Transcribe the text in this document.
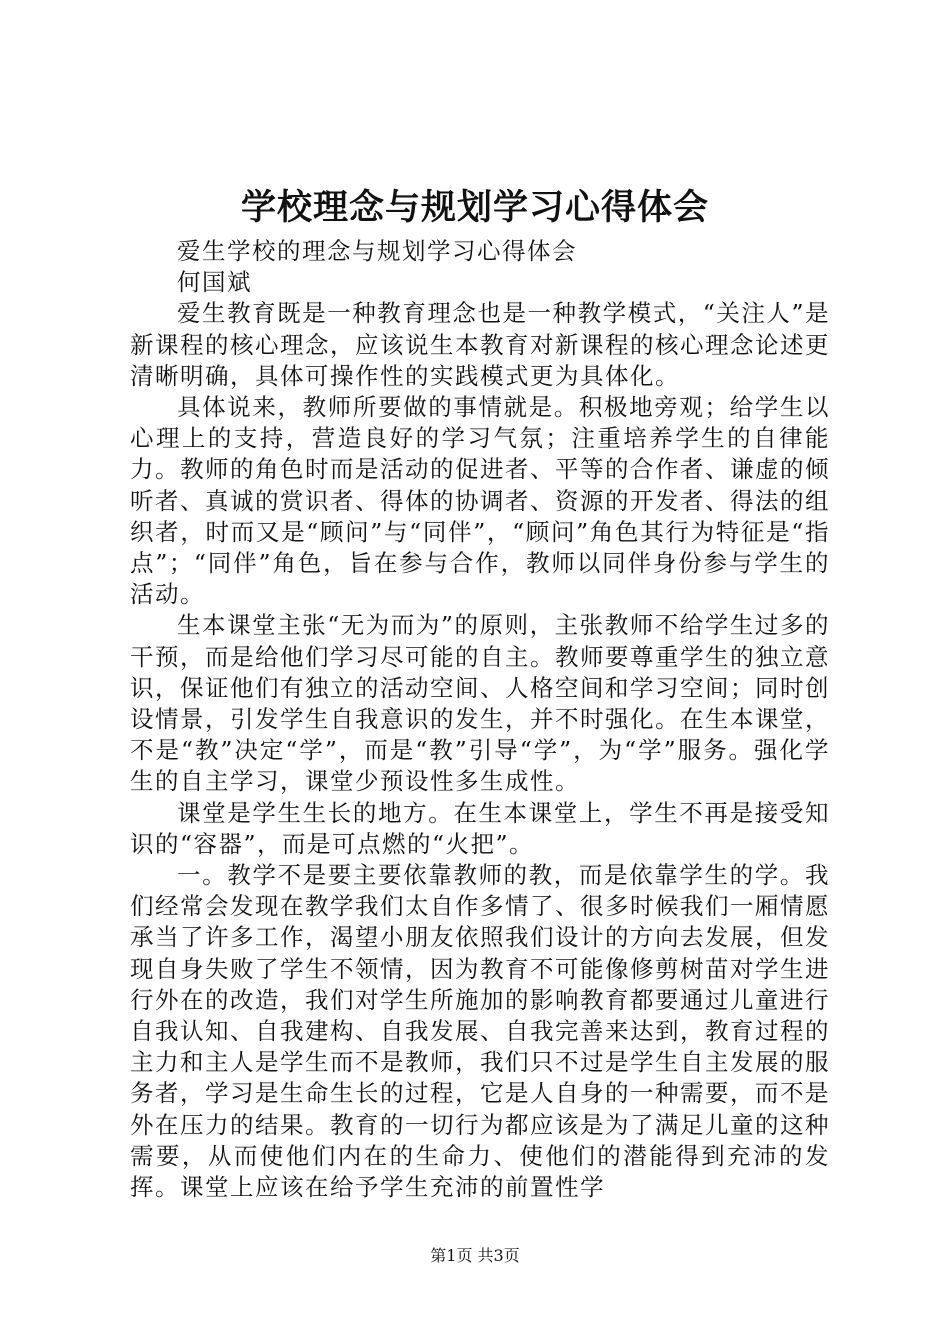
学校理念与规划学习心得体会

爱生学校的理念与规划学习心得体会

何国斌

爱生教育既是一种教育理念也是一种教学模式，“关注人”是新课程的核心理念，应该说生本教育对新课程的核心理念论述更清晰明确，具体可操作性的实践模式更为具体化。

具体说来，教师所要做的事情就是。积极地旁观；给学生以心理上的支持，营造良好的学习气氛；注重培养学生的自律能力。教师的角色时而是活动的促进者、平等的合作者、谦虚的倾听者、真诚的赏识者、得体的协调者、资源的开发者、得法的组织者，时而又是“顾问”与“同伴”，“顾问”角色其行为特征是“指点”；“同伴”角色，旨在参与合作，教师以同伴身份参与学生的活动。

生本课堂主张“无为而为”的原则，主张教师不给学生过多的干预，而是给他们学习尽可能的自主。教师要尊重学生的独立意识，保证他们有独立的活动空间、人格空间和学习空间；同时创设情景，引发学生自我意识的发生，并不时强化。在生本课堂，不是“教”决定“学”，而是“教”引导“学”，为“学”服务。强化学生的自主学习，课堂少预设性多生成性。

课堂是学生生长的地方。在生本课堂上，学生不再是接受知识的“容器”，而是可点燃的“火把”。

一。教学不是要主要依靠教师的教，而是依靠学生的学。我们经常会发现在教学我们太自作多情了、很多时候我们一厢情愿承当了许多工作，渴望小朋友依照我们设计的方向去发展，但发现自身失败了学生不领情，因为教育不可能像修剪树苗对学生进行外在的改造，我们对学生所施加的影响教育都要通过儿童进行自我认知、自我建构、自我发展、自我完善来达到，教育过程的主力和主人是学生而不是教师，我们只不过是学生自主发展的服务者，学习是生命生长的过程，它是人自身的一种需要，而不是外在压力的结果。教育的一切行为都应该是为了满足儿童的这种需要，从而使他们内在的生命力、使他们的潜能得到充沛的发挥。课堂上应该在给予学生充沛的前置性学

第1页 共3页
